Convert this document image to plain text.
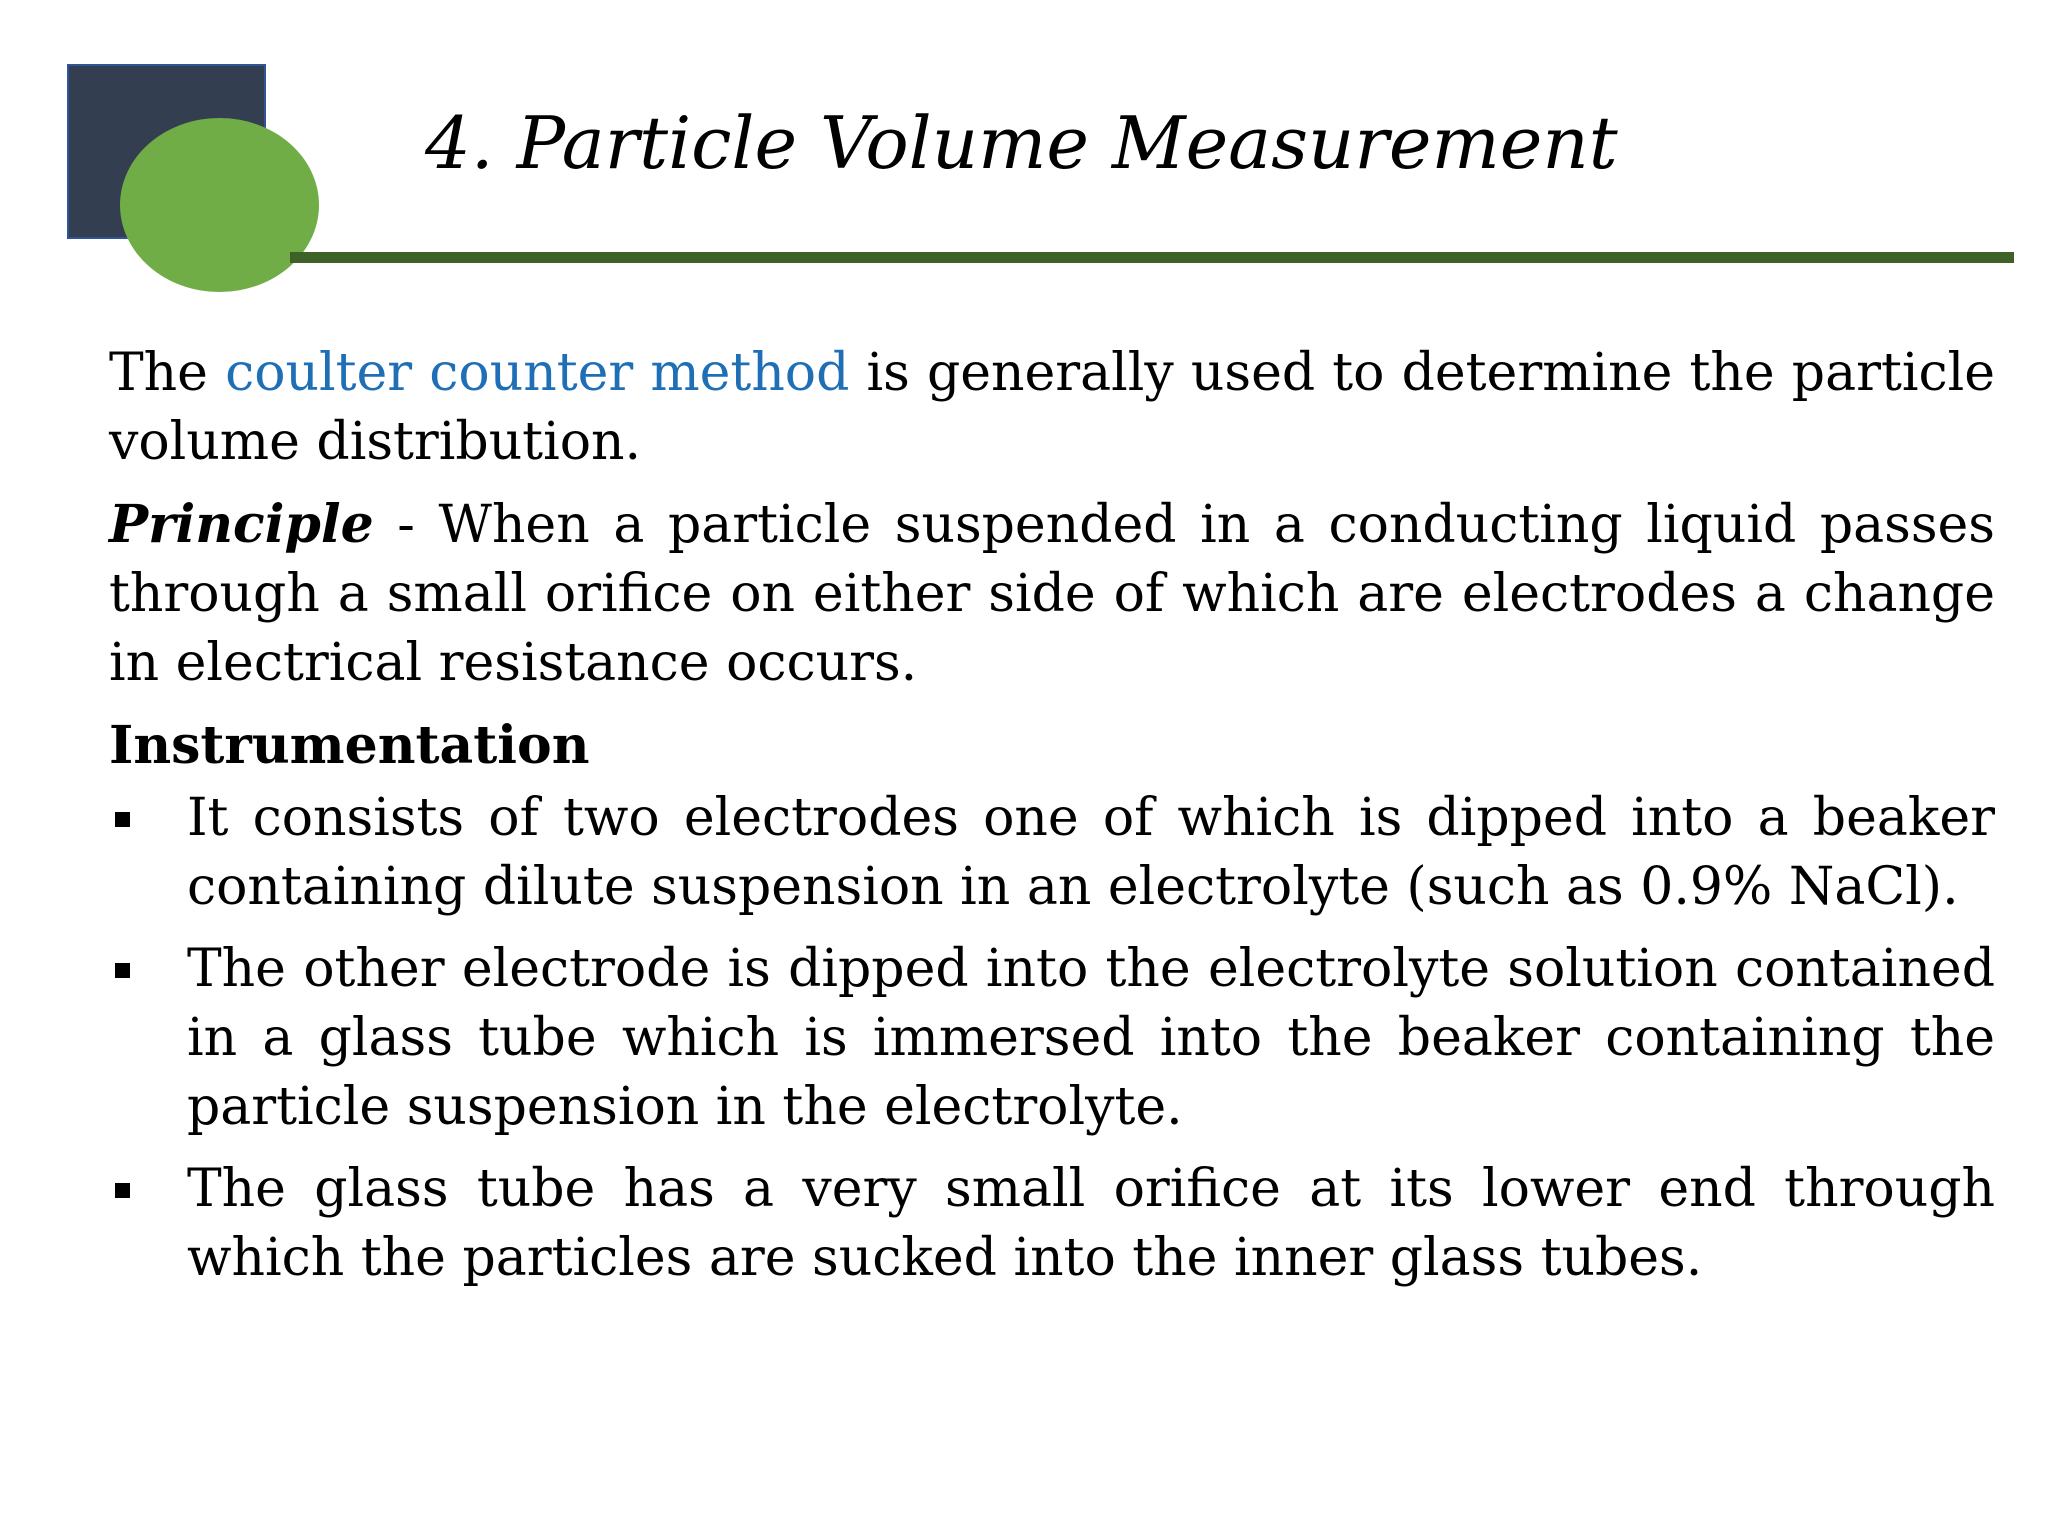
4. Particle Volume Measurement

The coulter counter method is generally used to determine the particle volume distribution.

Principle - When a particle suspended in a conducting liquid passes through a small orifice on either side of which are electrodes a change in electrical resistance occurs.

Instrumentation
It consists of two electrodes one of which is dipped into a beaker containing dilute suspension in an electrolyte (such as 0.9% NaCl).
The other electrode is dipped into the electrolyte solution contained in a glass tube which is immersed into the beaker containing the particle suspension in the electrolyte.
The glass tube has a very small orifice at its lower end through which the particles are sucked into the inner glass tubes.
